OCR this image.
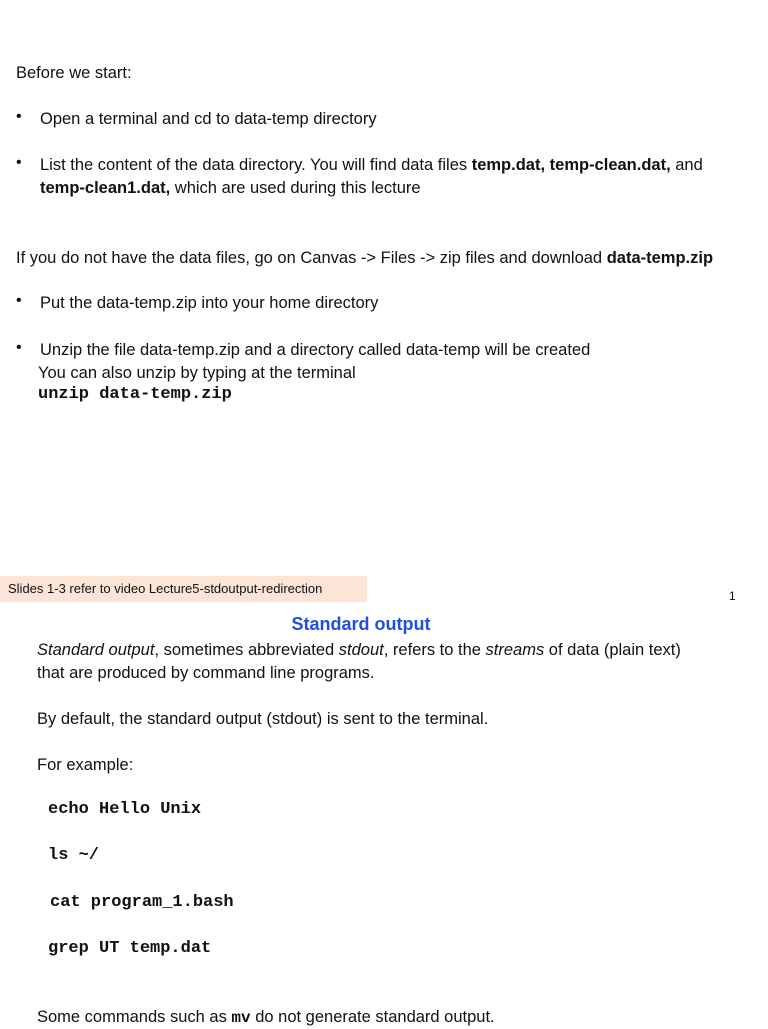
Before we start:
• Open a terminal and cd to data-temp directory
• List the content of the data directory. You will find data files temp.dat, temp-clean.dat, and
temp-clean1.dat, which are used during this lecture
If you do not have the data files, go on Canvas -> Files -> zip files and download data-temp.zip
• Put the data-temp.zip into your home directory
• Unzip the file data-temp.zip and a directory called data-temp will be created
You can also unzip by typing at the terminal
unzip data-temp.zip
Slides 1-3 refer to video Lecture5-stdoutput-redirection	1
Standard output
Standard output, sometimes abbreviated stdout, refers to the streams of data (plain text)
that are produced by command line programs.
By default, the standard output (stdout) is sent to the terminal.
For example:
echo Hello Unix
ls ~/
cat program_1.bash
grep UT temp.dat
Some commands such as mv do not generate standard output.
